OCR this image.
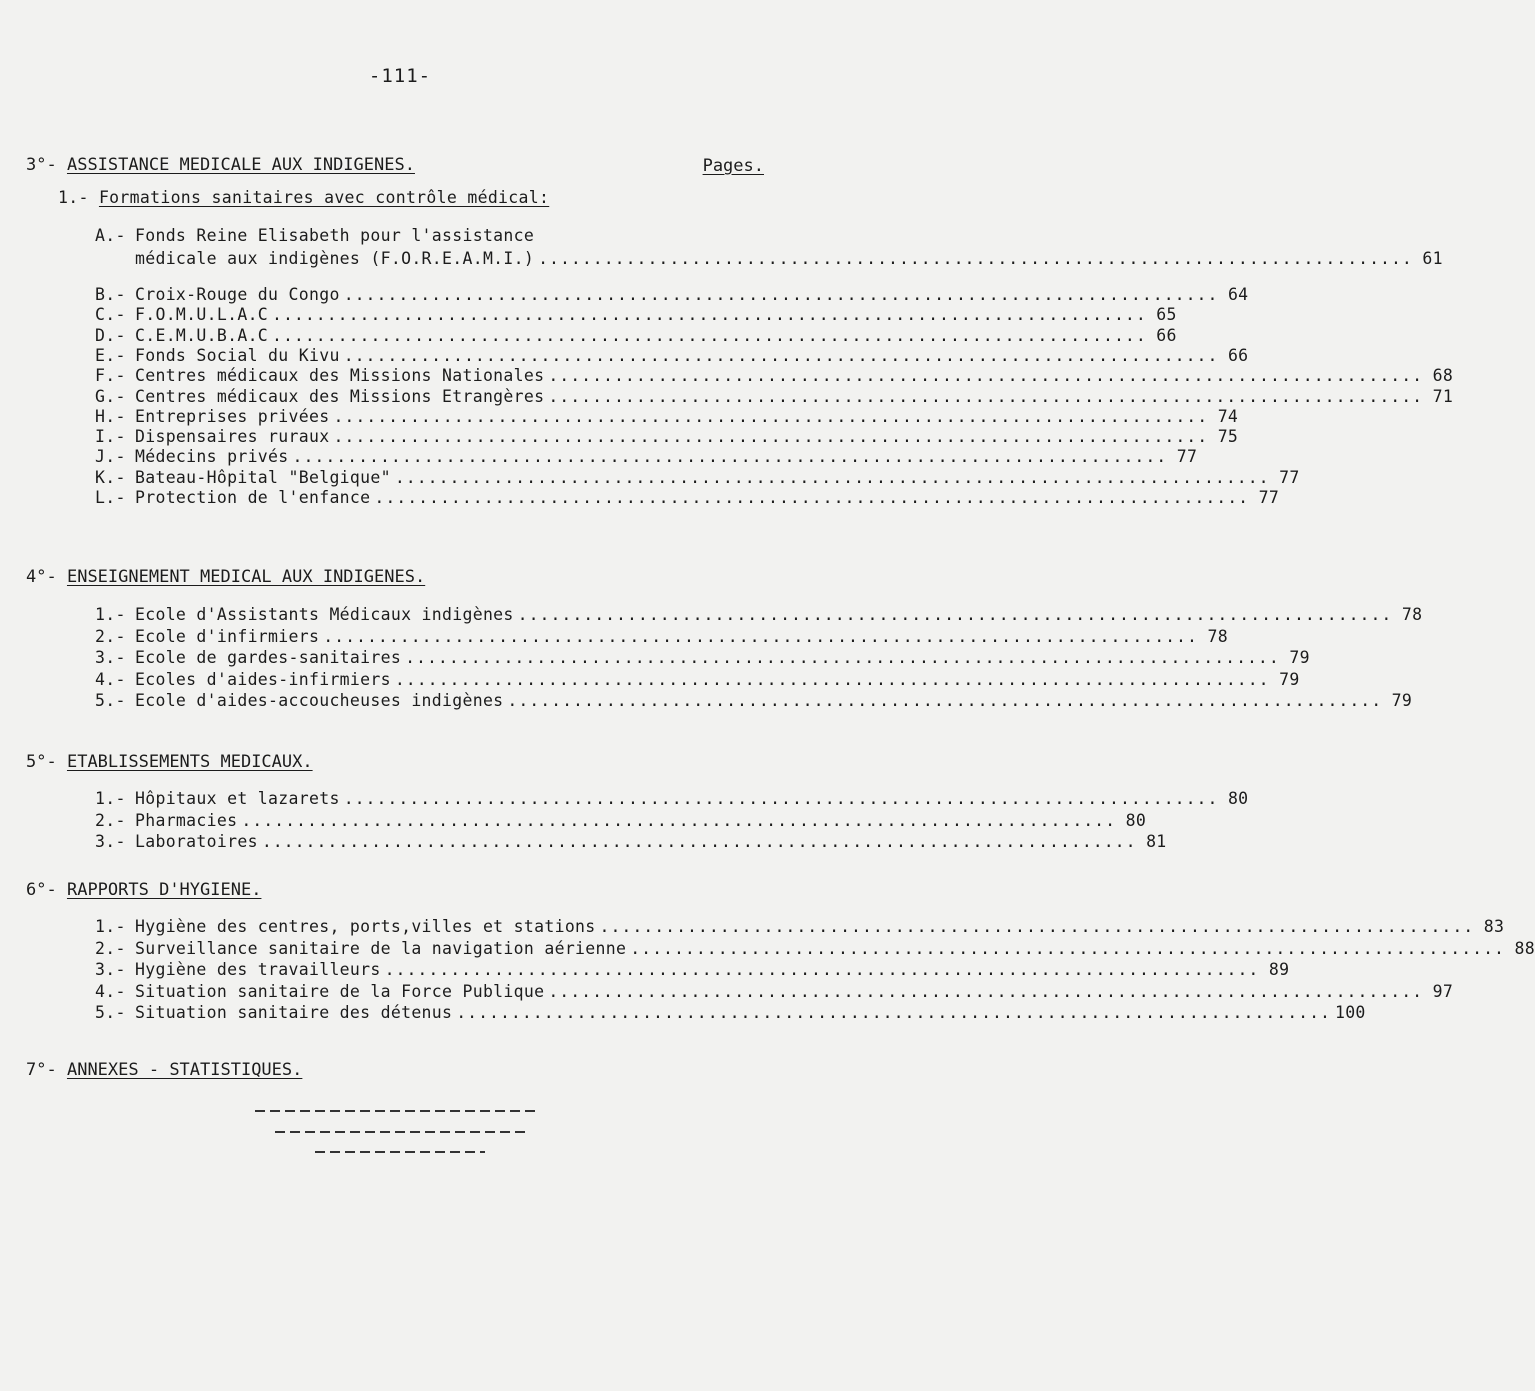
-111-
3°- ASSISTANCE MEDICALE AUX INDIGENES.	Pages.
1.- Formations sanitaires avec contrôle médical:
A.- Fonds Reine Elisabeth pour l'assistance
médicale aux indigènes (F.O.R.E.A.M.I.) ................................................................................ 61
B.- Croix-Rouge du Congo ................................................................................ 64
C.- F.O.M.U.L.A.C ................................................................................ 65
D.- C.E.M.U.B.A.C ................................................................................ 66
E.- Fonds Social du Kivu ................................................................................ 66
F.- Centres médicaux des Missions Nationales ................................................................................ 68
G.- Centres médicaux des Missions Etrangères ................................................................................ 71
H.- Entreprises privées ................................................................................ 74
I.- Dispensaires ruraux ................................................................................ 75
J.- Médecins privés ................................................................................ 77
K.- Bateau-Hôpital "Belgique" ................................................................................ 77
L.- Protection de l'enfance ................................................................................ 77
4°- ENSEIGNEMENT MEDICAL AUX INDIGENES.
1.- Ecole d'Assistants Médicaux indigènes ................................................................................ 78
2.- Ecole d'infirmiers ................................................................................ 78
3.- Ecole de gardes-sanitaires ................................................................................ 79
4.- Ecoles d'aides-infirmiers ................................................................................ 79
5.- Ecole d'aides-accoucheuses indigènes ................................................................................ 79
5°- ETABLISSEMENTS MEDICAUX.
1.- Hôpitaux et lazarets ................................................................................ 80
2.- Pharmacies ................................................................................ 80
3.- Laboratoires ................................................................................ 81
6°- RAPPORTS D'HYGIENE.
1.- Hygiène des centres, ports,villes et stations ................................................................................ 83
2.- Surveillance sanitaire de la navigation aérienne ................................................................................ 88
3.- Hygiène des travailleurs ................................................................................ 89
4.- Situation sanitaire de la Force Publique ................................................................................ 97
5.- Situation sanitaire des détenus ................................................................................ 100
7°- ANNEXES - STATISTIQUES.
